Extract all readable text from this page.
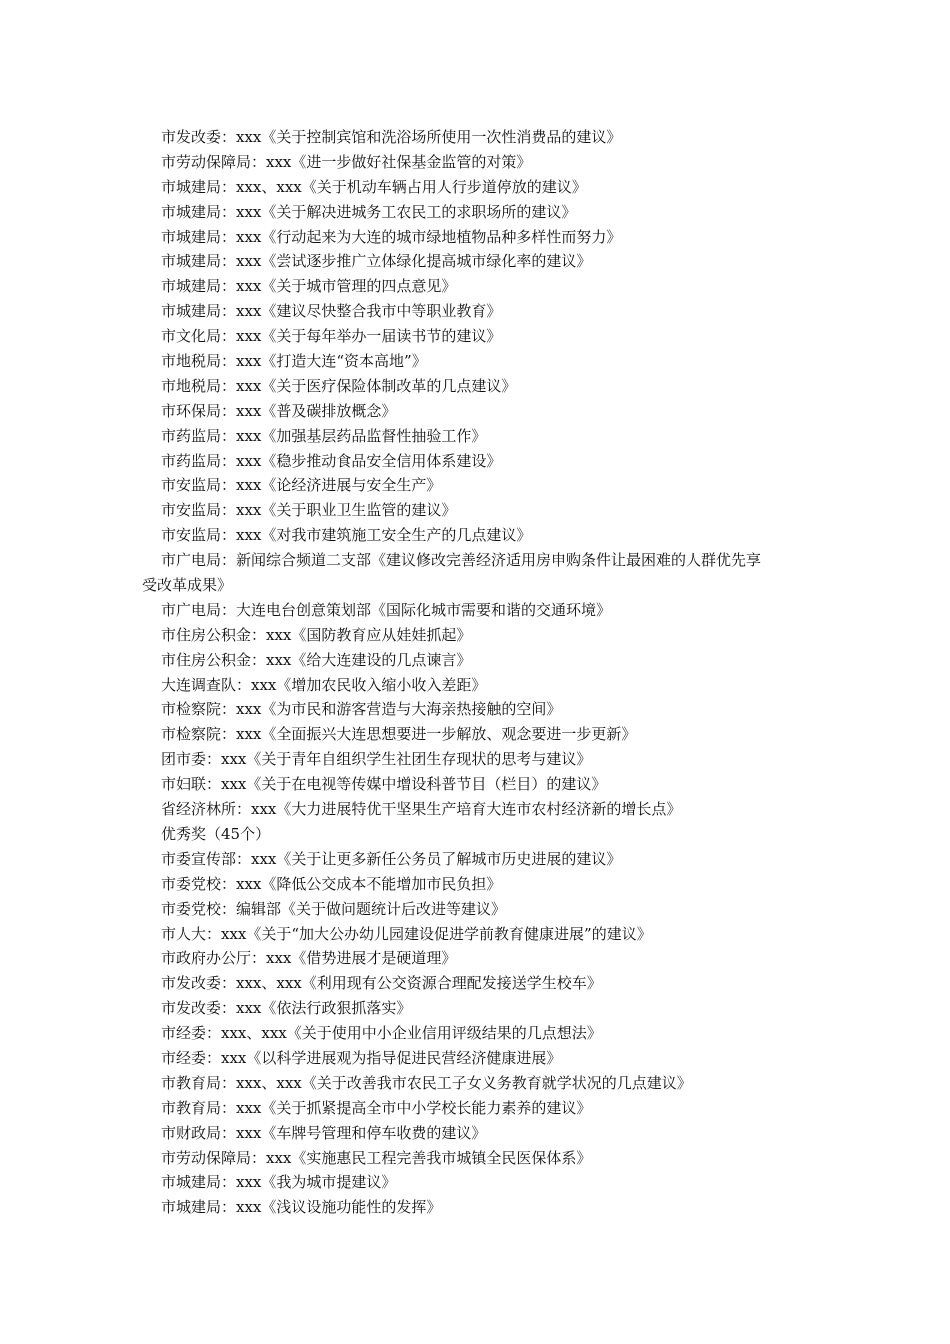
市发改委：xxx《关于控制宾馆和洗浴场所使用一次性消费品的建议》
市劳动保障局：xxx《进一步做好社保基金监管的对策》
市城建局：xxx、xxx《关于机动车辆占用人行步道停放的建议》
市城建局：xxx《关于解决进城务工农民工的求职场所的建议》
市城建局：xxx《行动起来为大连的城市绿地植物品种多样性而努力》
市城建局：xxx《尝试逐步推广立体绿化提高城市绿化率的建议》
市城建局：xxx《关于城市管理的四点意见》
市城建局：xxx《建议尽快整合我市中等职业教育》
市文化局：xxx《关于每年举办一届读书节的建议》
市地税局：xxx《打造大连“资本高地”》
市地税局：xxx《关于医疗保险体制改革的几点建议》
市环保局：xxx《普及碳排放概念》
市药监局：xxx《加强基层药品监督性抽验工作》
市药监局：xxx《稳步推动食品安全信用体系建设》
市安监局：xxx《论经济进展与安全生产》
市安监局：xxx《关于职业卫生监管的建议》
市安监局：xxx《对我市建筑施工安全生产的几点建议》
市广电局：新闻综合频道二支部《建议修改完善经济适用房申购条件让最困难的人群优先享
受改革成果》
市广电局：大连电台创意策划部《国际化城市需要和谐的交通环境》
市住房公积金：xxx《国防教育应从娃娃抓起》
市住房公积金：xxx《给大连建设的几点谏言》
大连调查队：xxx《增加农民收入缩小收入差距》
市检察院：xxx《为市民和游客营造与大海亲热接触的空间》
市检察院：xxx《全面振兴大连思想要进一步解放、观念要进一步更新》
团市委：xxx《关于青年自组织学生社团生存现状的思考与建议》
市妇联：xxx《关于在电视等传媒中增设科普节目（栏目）的建议》
省经济林所：xxx《大力进展特优干坚果生产培育大连市农村经济新的增长点》
优秀奖（45个）
市委宣传部：xxx《关于让更多新任公务员了解城市历史进展的建议》
市委党校：xxx《降低公交成本不能增加市民负担》
市委党校：编辑部《关于做问题统计后改进等建议》
市人大：xxx《关于“加大公办幼儿园建设促进学前教育健康进展”的建议》
市政府办公厅：xxx《借势进展才是硬道理》
市发改委：xxx、xxx《利用现有公交资源合理配发接送学生校车》
市发改委：xxx《依法行政狠抓落实》
市经委：xxx、xxx《关于使用中小企业信用评级结果的几点想法》
市经委：xxx《以科学进展观为指导促进民营经济健康进展》
市教育局：xxx、xxx《关于改善我市农民工子女义务教育就学状况的几点建议》
市教育局：xxx《关于抓紧提高全市中小学校长能力素养的建议》
市财政局：xxx《车牌号管理和停车收费的建议》
市劳动保障局：xxx《实施惠民工程完善我市城镇全民医保体系》
市城建局：xxx《我为城市提建议》
市城建局：xxx《浅议设施功能性的发挥》
